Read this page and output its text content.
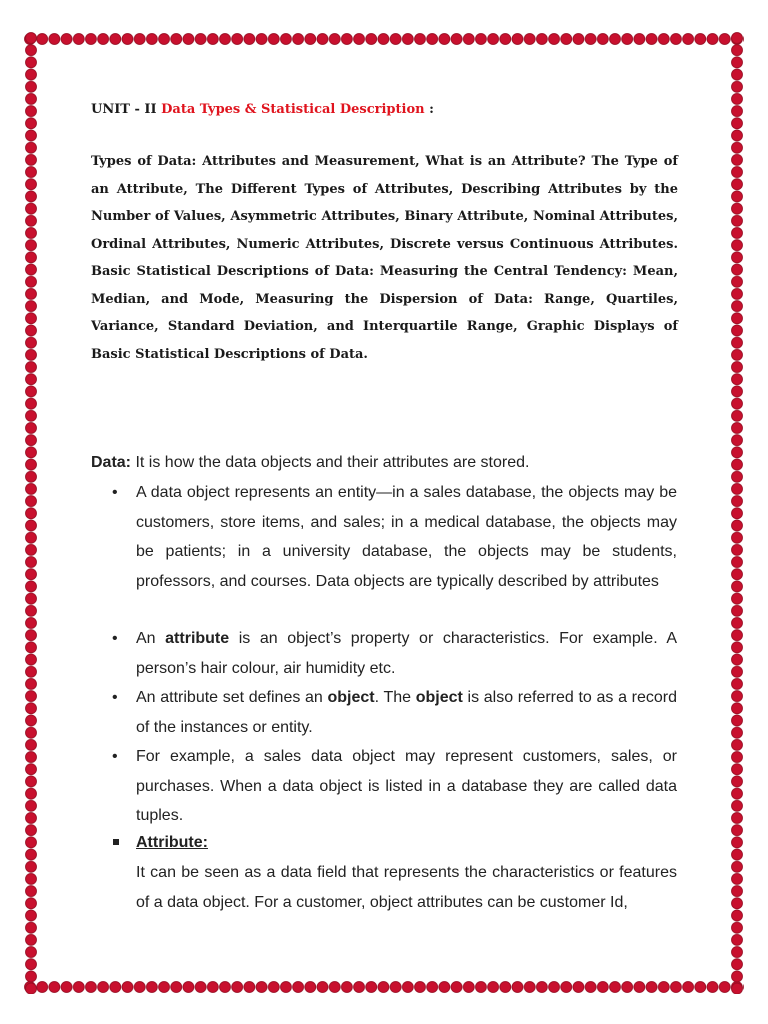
UNIT - II Data Types & Statistical Description :

Types of Data: Attributes and Measurement, What is an Attribute? The Type of an Attribute, The Different Types of Attributes, Describing Attributes by the Number of Values, Asymmetric Attributes, Binary Attribute, Nominal Attributes, Ordinal Attributes, Numeric Attributes, Discrete versus Continuous Attributes. Basic Statistical Descriptions of Data: Measuring the Central Tendency: Mean, Median, and Mode, Measuring the Dispersion of Data: Range, Quartiles, Variance, Standard Deviation, and Interquartile Range, Graphic Displays of Basic Statistical Descriptions of Data.

Data: It is how the data objects and their attributes are stored.

• A data object represents an entity—in a sales database, the objects may be customers, store items, and sales; in a medical database, the objects may be patients; in a university database, the objects may be students, professors, and courses. Data objects are typically described by attributes
• An attribute is an object’s property or characteristics. For example. A person’s hair colour, air humidity etc.
• An attribute set defines an object. The object is also referred to as a record of the instances or entity.
• For example, a sales data object may represent customers, sales, or purchases. When a data object is listed in a database they are called data tuples.
Attribute:

It can be seen as a data field that represents the characteristics or features of a data object. For a customer, object attributes can be customer Id,
